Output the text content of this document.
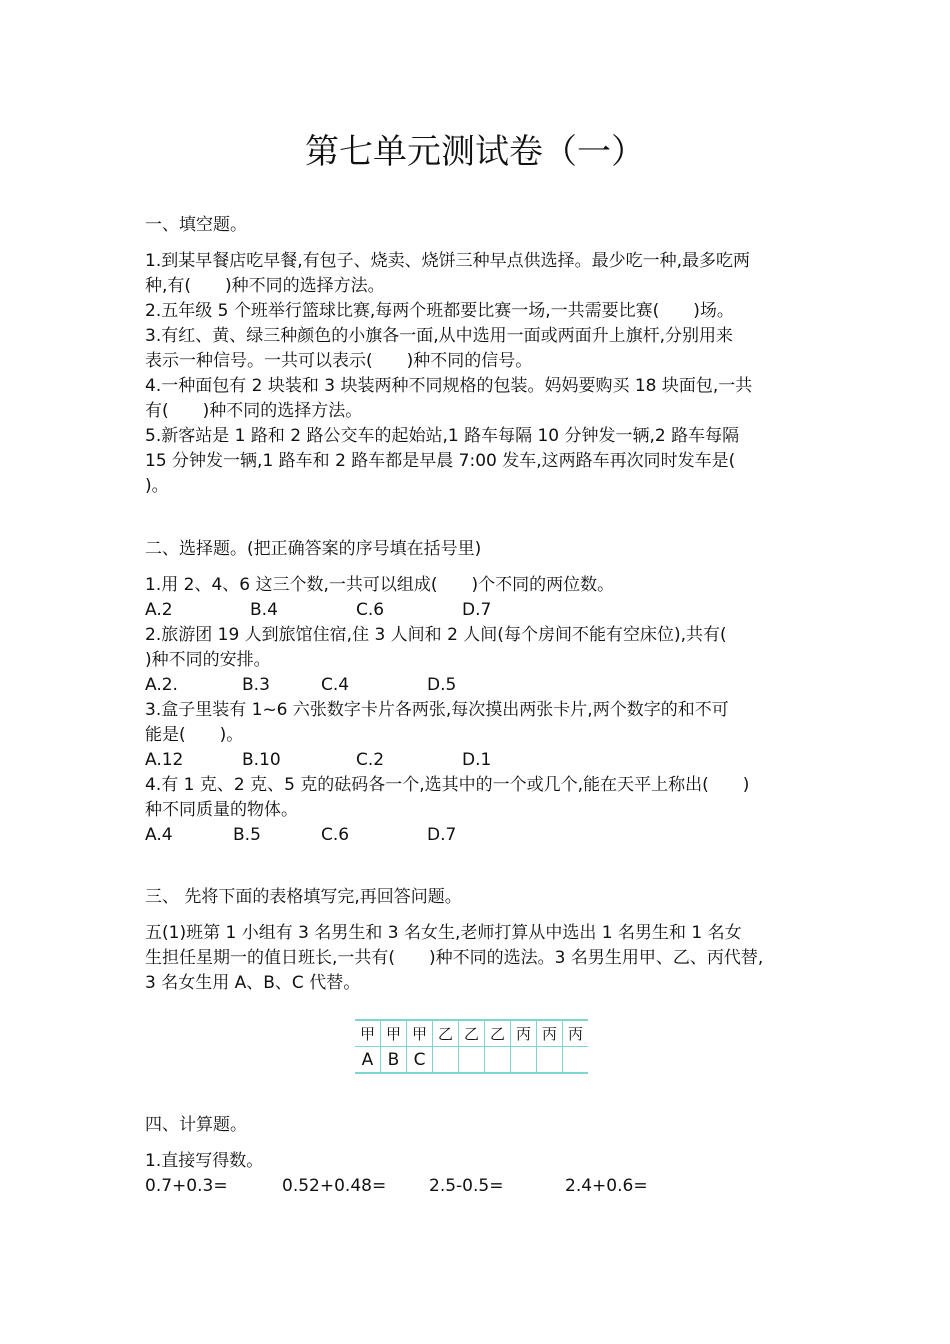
第七单元测试卷（一）
一、填空题。

1.到某早餐店吃早餐,有包子、烧卖、烧饼三种早点供选择。最少吃一种,最多吃两

种,有(　　)种不同的选择方法。

2.五年级 5 个班举行篮球比赛,每两个班都要比赛一场,一共需要比赛(　　)场。

3.有红、黄、绿三种颜色的小旗各一面,从中选用一面或两面升上旗杆,分别用来

表示一种信号。一共可以表示(　　)种不同的信号。

4.一种面包有 2 块装和 3 块装两种不同规格的包装。妈妈要购买 18 块面包,一共

有(　　)种不同的选择方法。

5.新客站是 1 路和 2 路公交车的起始站,1 路车每隔 10 分钟发一辆,2 路车每隔

15 分钟发一辆,1 路车和 2 路车都是早晨 7:00 发车,这两路车再次同时发车是(

)。

二、选择题。(把正确答案的序号填在括号里)

1.用 2、4、6 这三个数,一共可以组成(　　)个不同的两位数。

A.2	B.4	C.6	D.7

2.旅游团 19 人到旅馆住宿,住 3 人间和 2 人间(每个房间不能有空床位),共有(

)种不同的安排。

A.2.	B.3	C.4	D.5

3.盒子里装有 1~6 六张数字卡片各两张,每次摸出两张卡片,两个数字的和不可

能是(　　)。

A.12	B.10	C.2	D.1

4.有 1 克、2 克、5 克的砝码各一个,选其中的一个或几个,能在天平上称出(　　)

种不同质量的物体。

A.4	B.5	C.6	D.7
三、 先将下面的表格填写完,再回答问题。

五(1)班第 1 小组有 3 名男生和 3 名女生,老师打算从中选出 1 名男生和 1 名女

生担任星期一的值日班长,一共有(　　)种不同的选法。3 名男生用甲、乙、丙代替,

3 名女生用 A、B、C 代替。

甲	甲	甲	乙	乙	乙	丙	丙	丙
A	B	C						
四、计算题。

1.直接写得数。

0.7+0.3=	0.52+0.48=	2.5-0.5=	2.4+0.6=
